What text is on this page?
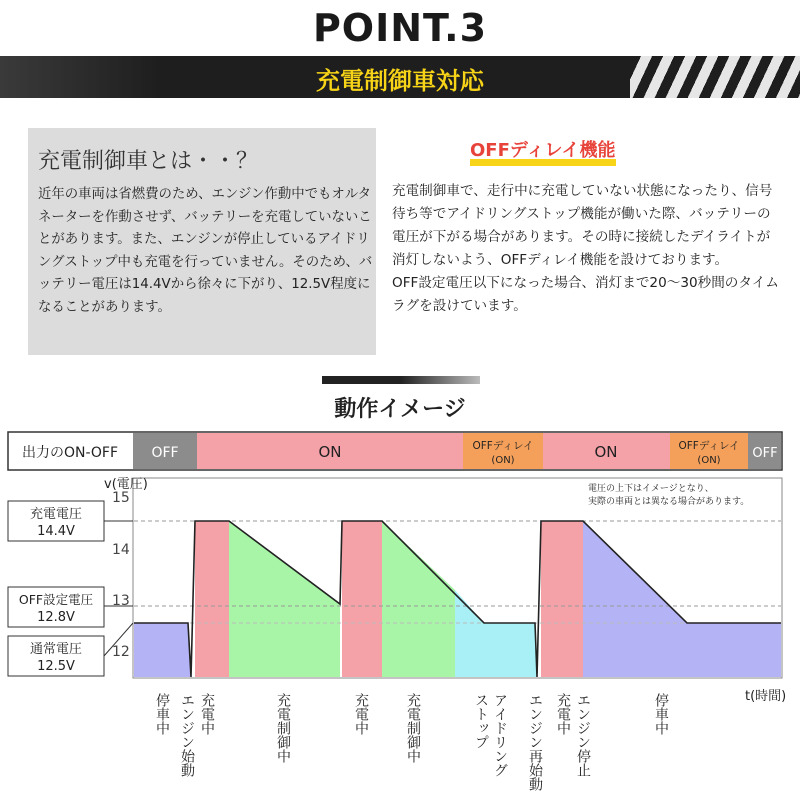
POINT.3
充電制御車対応
充電制御車とは・・？
近年の車両は省燃費のため、エンジン作動中でもオルタネーターを作動させず、バッテリーを充電していないことがあります。また、エンジンが停止しているアイドリングストップ中も充電を行っていません。そのため、バッテリー電圧は14.4Vから徐々に下がり、12.5V程度になることがあります。
OFFディレイ機能
充電制御車で、走行中に充電していない状態になったり、信号待ち等でアイドリングストップ機能が働いた際、バッテリーの電圧が下がる場合があります。その時に接続したデイライトが消灯しないよう、OFFディレイ機能を設けております。
OFF設定電圧以下になった場合、消灯まで20〜30秒間のタイムラグを設けています。
動作イメージ
出力のON-OFF OFF	ON	OFFディレイ
(ON)	ON	OFFディレイ
(ON) OFF
v(電圧)
15
14
13
12
電圧の上下はイメージとなり、
実際の車両とは異なる場合があります。
充電電圧
14.4V
OFF設定電圧
12.8V
通常電圧
12.5V
t(時間)
停車中 充電中
エンジン始動	充電制御中	充電中	充電制御中	アイドリング
ストップ	エンジン再始動 充電中 エンジン停止	停車中
